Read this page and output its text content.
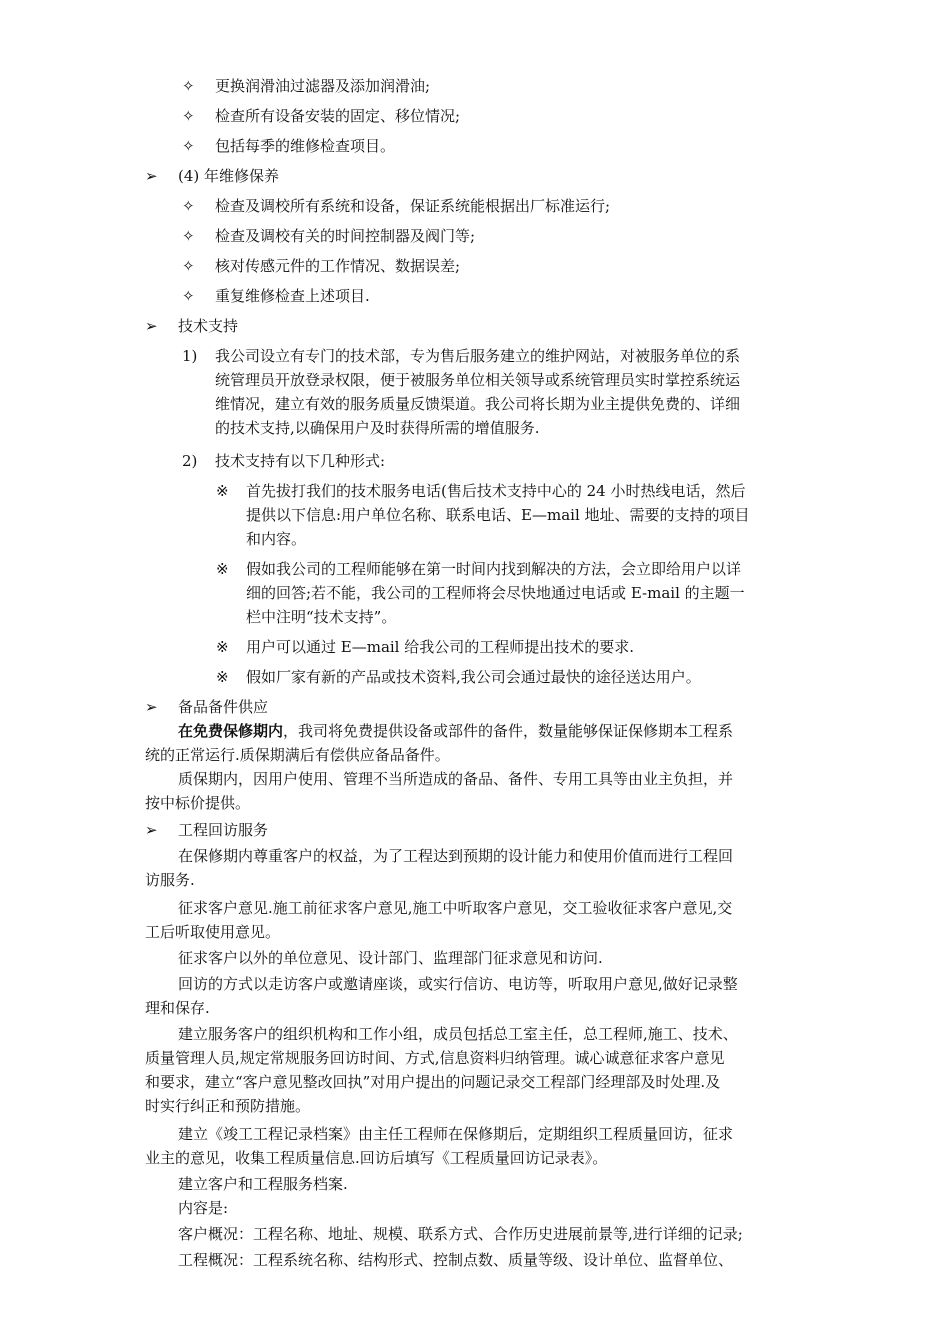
✧ 更换润滑油过滤器及添加润滑油;
✧ 检查所有设备安装的固定、移位情况;
✧ 包括每季的维修检查项目。
➢ (4) 年维修保养
✧ 检查及调校所有系统和设备，保证系统能根据出厂标准运行;
✧ 检查及调校有关的时间控制器及阀门等;
✧ 核对传感元件的工作情况、数据误差;
✧ 重复维修检查上述项目.
➢ 技术支持
1) 我公司设立有专门的技术部，专为售后服务建立的维护网站，对被服务单位的系
统管理员开放登录权限，便于被服务单位相关领导或系统管理员实时掌控系统运
维情况，建立有效的服务质量反馈渠道。我公司将长期为业主提供免费的、详细
的技术支持,以确保用户及时获得所需的增值服务.
2) 技术支持有以下几种形式:
※ 首先拔打我们的技术服务电话(售后技术支持中心的 24 小时热线电话，然后
提供以下信息:用户单位名称、联系电话、E—mail 地址、需要的支持的项目
和内容。
※ 假如我公司的工程师能够在第一时间内找到解决的方法，会立即给用户以详
细的回答;若不能，我公司的工程师将会尽快地通过电话或 E-mail 的主题一
栏中注明“技术支持”。
※ 用户可以通过 E—mail 给我公司的工程师提出技术的要求.
※ 假如厂家有新的产品或技术资料,我公司会通过最快的途径送达用户。
➢ 备品备件供应
在免费保修期内，我司将免费提供设备或部件的备件，数量能够保证保修期本工程系
统的正常运行.质保期满后有偿供应备品备件。
质保期内，因用户使用、管理不当所造成的备品、备件、专用工具等由业主负担，并
按中标价提供。
➢ 工程回访服务
在保修期内尊重客户的权益，为了工程达到预期的设计能力和使用价值而进行工程回
访服务.
征求客户意见.施工前征求客户意见,施工中听取客户意见，交工验收征求客户意见,交
工后听取使用意见。
征求客户以外的单位意见、设计部门、监理部门征求意见和访问.
回访的方式以走访客户或邀请座谈，或实行信访、电访等，听取用户意见,做好记录整
理和保存.
建立服务客户的组织机构和工作小组，成员包括总工室主任，总工程师,施工、技术、
质量管理人员,规定常规服务回访时间、方式,信息资料归纳管理。诚心诚意征求客户意见
和要求，建立“客户意见整改回执”对用户提出的问题记录交工程部门经理部及时处理.及
时实行纠正和预防措施。
建立《竣工工程记录档案》由主任工程师在保修期后，定期组织工程质量回访，征求
业主的意见，收集工程质量信息.回访后填写《工程质量回访记录表》。
建立客户和工程服务档案.
内容是:
客户概况：工程名称、地址、规模、联系方式、合作历史进展前景等,进行详细的记录;
工程概况：工程系统名称、结构形式、控制点数、质量等级、设计单位、监督单位、
